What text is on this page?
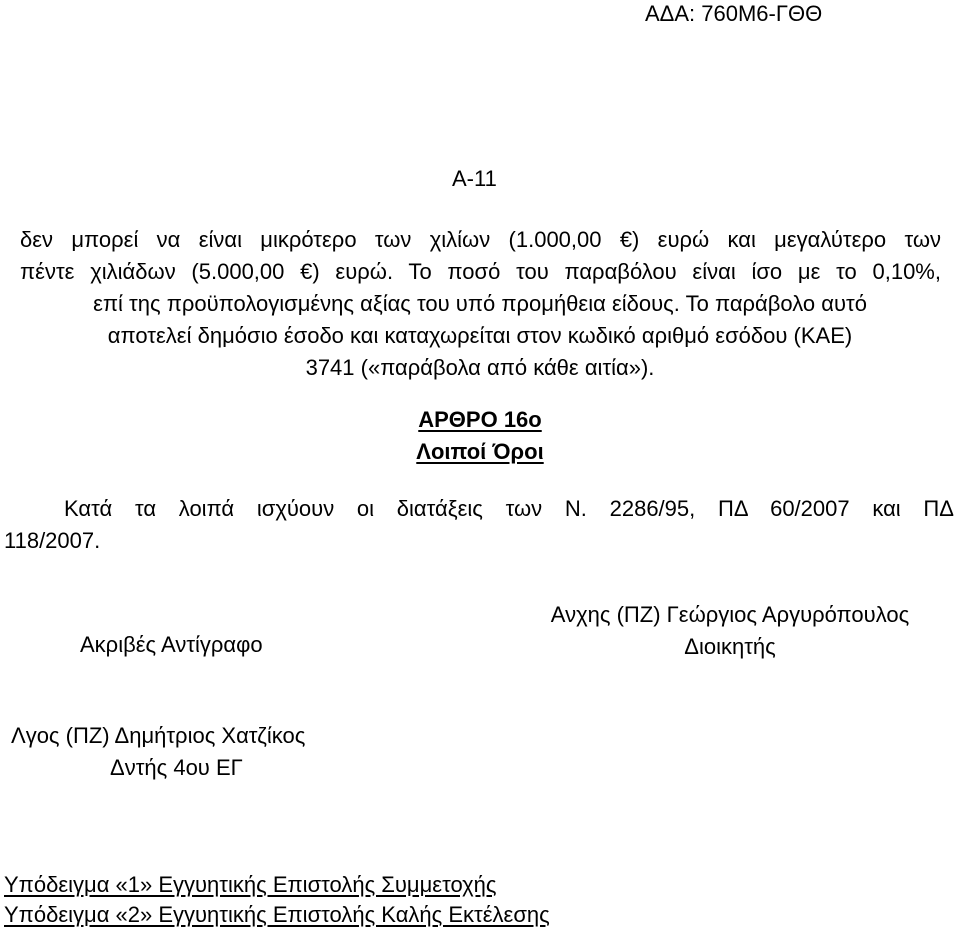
ΑΔΑ: 760Μ6-ΓΘΘ
Α-11
δεν μπορεί να είναι μικρότερο των χιλίων (1.000,00 €) ευρώ και μεγαλύτερο των
πέντε χιλιάδων (5.000,00 €) ευρώ. Το ποσό του παραβόλου είναι ίσο με το 0,10%,
επί της προϋπολογισμένης αξίας του υπό προμήθεια είδους. Το παράβολο αυτό
αποτελεί δημόσιο έσοδο και καταχωρείται στον κωδικό αριθμό εσόδου (ΚΑΕ)
3741 («παράβολα από κάθε αιτία»).
ΑΡΘΡΟ 16ο
Λοιποί Όροι
Κατά τα λοιπά ισχύουν οι διατάξεις των Ν. 2286/95, ΠΔ 60/2007 και ΠΔ
118/2007.
Ακριβές Αντίγραφο
Ανχης (ΠΖ) Γεώργιος Αργυρόπουλος
Διοικητής
Λγος (ΠΖ) Δημήτριος Χατζίκος
Δντής 4ου ΕΓ
Υπόδειγμα «1» Εγγυητικής Επιστολής Συμμετοχής
Υπόδειγμα «2» Εγγυητικής Επιστολής Καλής Εκτέλεσης
